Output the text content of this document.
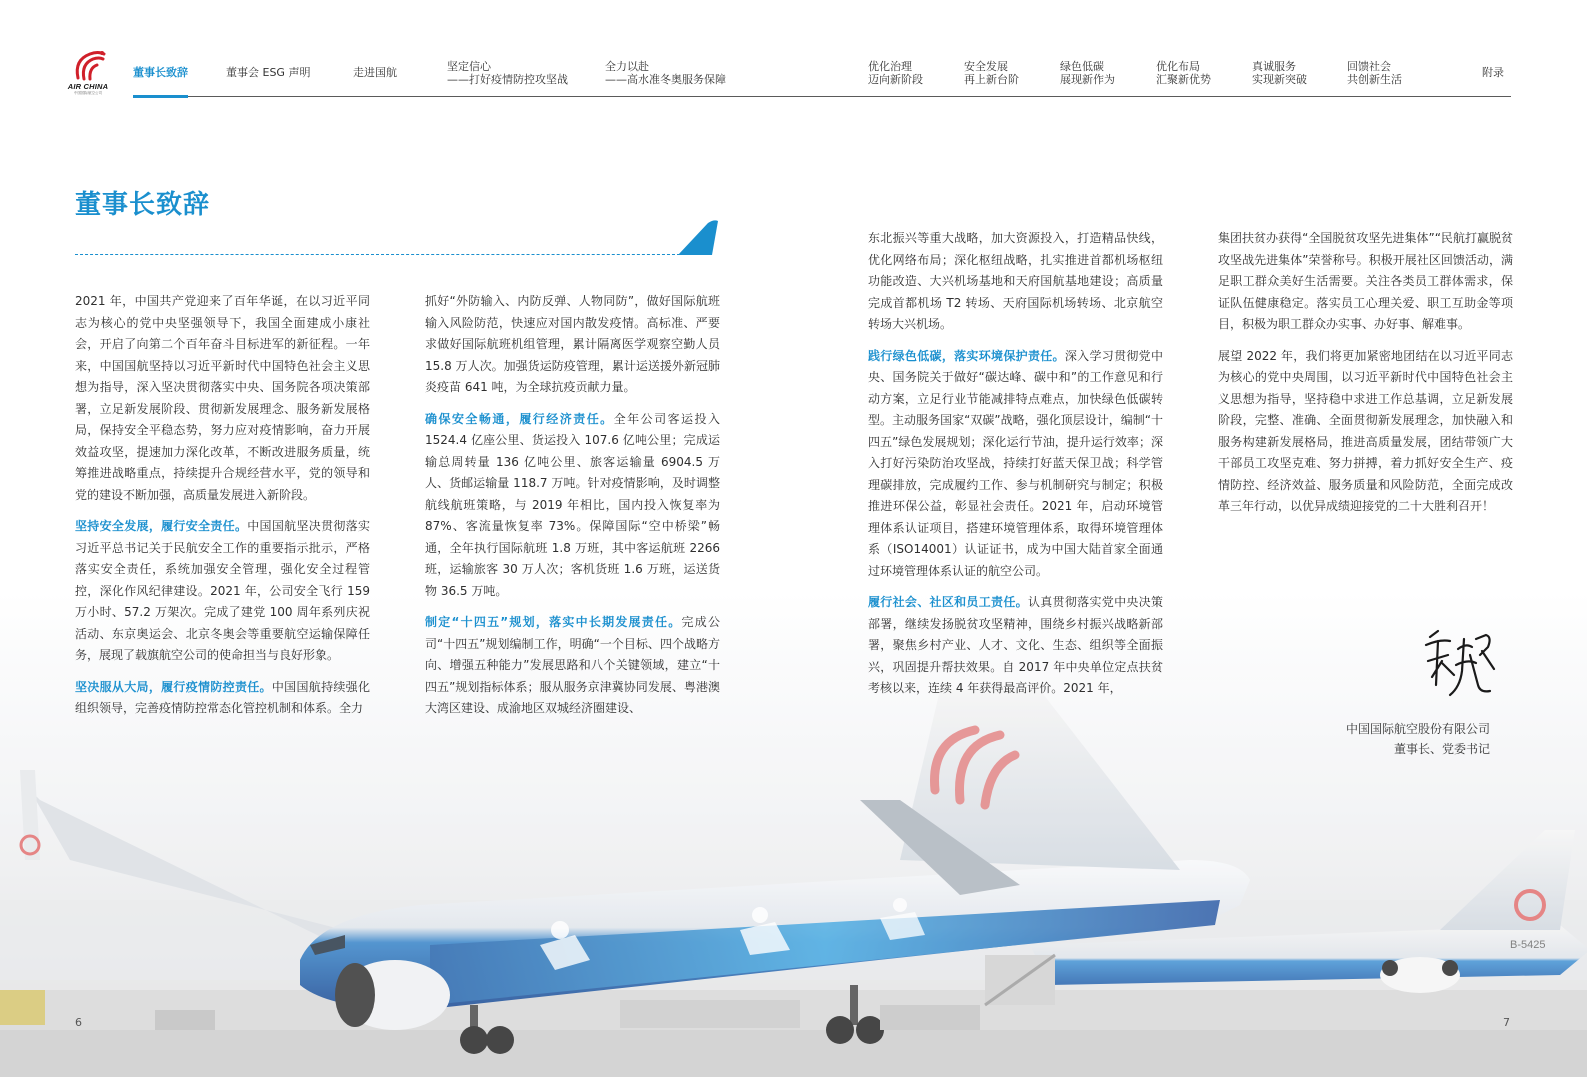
B-5425
AIR CHINA
中国国际航空公司
董事长致辞	董事会 ESG 声明	走进国航	坚定信心
——打好疫情防控攻坚战
全力以赴
——高水准冬奥服务保障
优化治理
迈向新阶段
安全发展
再上新台阶
绿色低碳
展现新作为
优化布局
汇聚新优势
真诚服务
实现新突破
回馈社会
共创新生活
附录
董事长致辞

2021 年，中国共产党迎来了百年华诞，在以习近平同志为核心的党中央坚强领导下，我国全面建成小康社会，开启了向第二个百年奋斗目标进军的新征程。一年来，中国国航坚持以习近平新时代中国特色社会主义思想为指导，深入坚决贯彻落实中央、国务院各项决策部署，立足新发展阶段、贯彻新发展理念、服务新发展格局，保持安全平稳态势，努力应对疫情影响，奋力开展效益攻坚，提速加力深化改革，不断改进服务质量，统筹推进战略重点，持续提升合规经营水平，党的领导和党的建设不断加强，高质量发展进入新阶段。

坚持安全发展，履行安全责任。中国国航坚决贯彻落实习近平总书记关于民航安全工作的重要指示批示，严格落实安全责任，系统加强安全管理，强化安全过程管控，深化作风纪律建设。2021 年，公司安全飞行 159 万小时、57.2 万架次。完成了建党 100 周年系列庆祝活动、东京奥运会、北京冬奥会等重要航空运输保障任务，展现了载旗航空公司的使命担当与良好形象。

坚决服从大局，履行疫情防控责任。中国国航持续强化组织领导，完善疫情防控常态化管控机制和体系。全力

抓好“外防输入、内防反弹、人物同防”，做好国际航班输入风险防范，快速应对国内散发疫情。高标准、严要求做好国际航班机组管理，累计隔离医学观察空勤人员 15.8 万人次。加强货运防疫管理，累计运送援外新冠肺炎疫苗 641 吨，为全球抗疫贡献力量。

确保安全畅通，履行经济责任。全年公司客运投入 1524.4 亿座公里、货运投入 107.6 亿吨公里；完成运输总周转量 136 亿吨公里、旅客运输量 6904.5 万人、货邮运输量 118.7 万吨。针对疫情影响，及时调整航线航班策略，与 2019 年相比，国内投入恢复率为 87%、客流量恢复率 73%。保障国际“空中桥梁”畅通，全年执行国际航班 1.8 万班，其中客运航班 2266 班，运输旅客 30 万人次；客机货班 1.6 万班，运送货物 36.5 万吨。

制定“十四五”规划，落实中长期发展责任。完成公司“十四五”规划编制工作，明确“一个目标、四个战略方向、增强五种能力”发展思路和八个关键领域，建立“十四五”规划指标体系；服从服务京津冀协同发展、粤港澳大湾区建设、成渝地区双城经济圈建设、

东北振兴等重大战略，加大资源投入，打造精品快线，优化网络布局；深化枢纽战略，扎实推进首都机场枢纽功能改造、大兴机场基地和天府国航基地建设；高质量完成首都机场 T2 转场、天府国际机场转场、北京航空转场大兴机场。

践行绿色低碳，落实环境保护责任。深入学习贯彻党中央、国务院关于做好“碳达峰、碳中和”的工作意见和行动方案，立足行业节能减排特点难点，加快绿色低碳转型。主动服务国家“双碳”战略，强化顶层设计，编制“十四五”绿色发展规划；深化运行节油，提升运行效率；深入打好污染防治攻坚战，持续打好蓝天保卫战；科学管理碳排放，完成履约工作、参与机制研究与制定；积极推进环保公益，彰显社会责任。2021 年，启动环境管理体系认证项目，搭建环境管理体系，取得环境管理体系（ISO14001）认证证书，成为中国大陆首家全面通过环境管理体系认证的航空公司。

履行社会、社区和员工责任。认真贯彻落实党中央决策部署，继续发扬脱贫攻坚精神，围绕乡村振兴战略新部署，聚焦乡村产业、人才、文化、生态、组织等全面振兴，巩固提升帮扶效果。自 2017 年中央单位定点扶贫考核以来，连续 4 年获得最高评价。2021 年，

集团扶贫办获得“全国脱贫攻坚先进集体”“民航打赢脱贫攻坚战先进集体”荣誉称号。积极开展社区回馈活动，满足职工群众美好生活需要。关注各类员工群体需求，保证队伍健康稳定。落实员工心理关爱、职工互助金等项目，积极为职工群众办实事、办好事、解难事。

展望 2022 年，我们将更加紧密地团结在以习近平同志为核心的党中央周围，以习近平新时代中国特色社会主义思想为指导，坚持稳中求进工作总基调，立足新发展阶段，完整、准确、全面贯彻新发展理念，加快融入和服务构建新发展格局，推进高质量发展，团结带领广大干部员工攻坚克难、努力拼搏，着力抓好安全生产、疫情防控、经济效益、服务质量和风险防范，全面完成改革三年行动，以优异成绩迎接党的二十大胜利召开！

中国国际航空股份有限公司
董事长、党委书记
6	7
